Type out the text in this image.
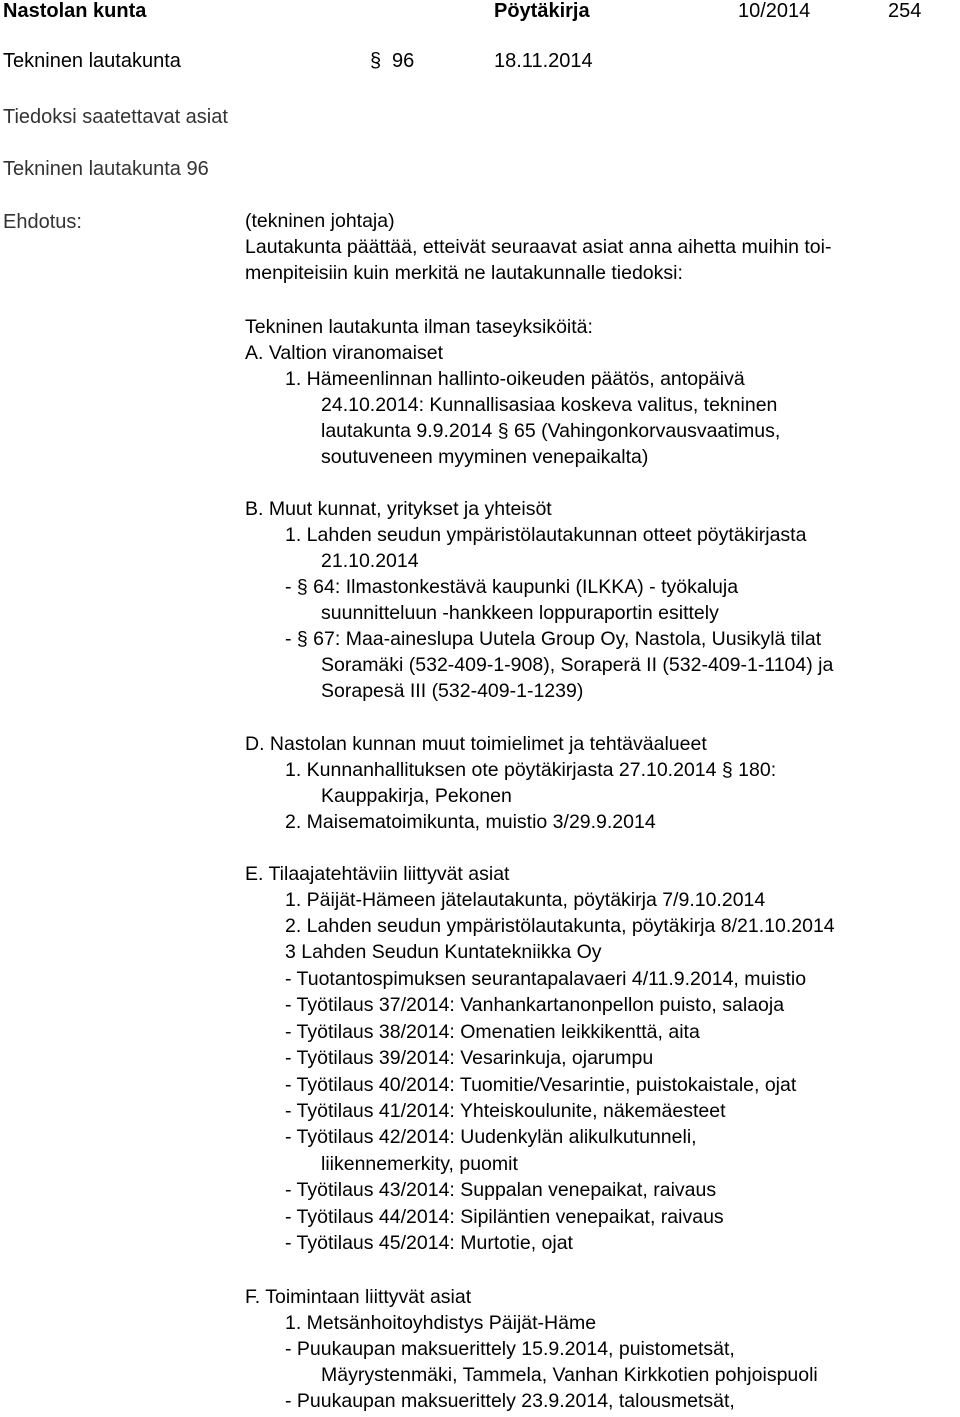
Nastolan kunta	Pöytäkirja	10/2014	254
Tekninen lautakunta	§ 96	18.11.2014
Tiedoksi saatettavat asiat
Tekninen lautakunta 96
Ehdotus:	(tekninen johtaja)
Lautakunta päättää, etteivät seuraavat asiat anna aihetta muihin toi-
menpiteisiin kuin merkitä ne lautakunnalle tiedoksi:
Tekninen lautakunta ilman taseyksiköitä:
A. Valtion viranomaiset
1. Hämeenlinnan hallinto-oikeuden päätös, antopäivä
24.10.2014: Kunnallisasiaa koskeva valitus, tekninen
lautakunta 9.9.2014 § 65 (Vahingonkorvausvaatimus,
soutuveneen myyminen venepaikalta)
B. Muut kunnat, yritykset ja yhteisöt
1. Lahden seudun ympäristölautakunnan otteet pöytäkirjasta
21.10.2014
- § 64: Ilmastonkestävä kaupunki (ILKKA) - työkaluja
suunnitteluun -hankkeen loppuraportin esittely
- § 67: Maa-aineslupa Uutela Group Oy, Nastola, Uusikylä tilat
Soramäki (532-409-1-908), Soraperä II (532-409-1-1104) ja
Sorapesä III (532-409-1-1239)
D. Nastolan kunnan muut toimielimet ja tehtäväalueet
1. Kunnanhallituksen ote pöytäkirjasta 27.10.2014 § 180:
Kauppakirja, Pekonen
2. Maisematoimikunta, muistio 3/29.9.2014
E. Tilaajatehtäviin liittyvät asiat
1. Päijät-Hämeen jätelautakunta, pöytäkirja 7/9.10.2014
2. Lahden seudun ympäristölautakunta, pöytäkirja 8/21.10.2014
3 Lahden Seudun Kuntatekniikka Oy
- Tuotantospimuksen seurantapalavaeri 4/11.9.2014, muistio
- Työtilaus 37/2014: Vanhankartanonpellon puisto, salaoja
- Työtilaus 38/2014: Omenatien leikkikenttä, aita
- Työtilaus 39/2014: Vesarinkuja, ojarumpu
- Työtilaus 40/2014: Tuomitie/Vesarintie, puistokaistale, ojat
- Työtilaus 41/2014: Yhteiskoulunite, näkemäesteet
- Työtilaus 42/2014: Uudenkylän alikulkutunneli,
liikennemerkity, puomit
- Työtilaus 43/2014: Suppalan venepaikat, raivaus
- Työtilaus 44/2014: Sipiläntien venepaikat, raivaus
- Työtilaus 45/2014: Murtotie, ojat
F. Toimintaan liittyvät asiat
1. Metsänhoitoyhdistys Päijät-Häme
- Puukaupan maksuerittely 15.9.2014, puistometsät,
Mäyrystenmäki, Tammela, Vanhan Kirkkotien pohjoispuoli
- Puukaupan maksuerittely 23.9.2014, talousmetsät,
